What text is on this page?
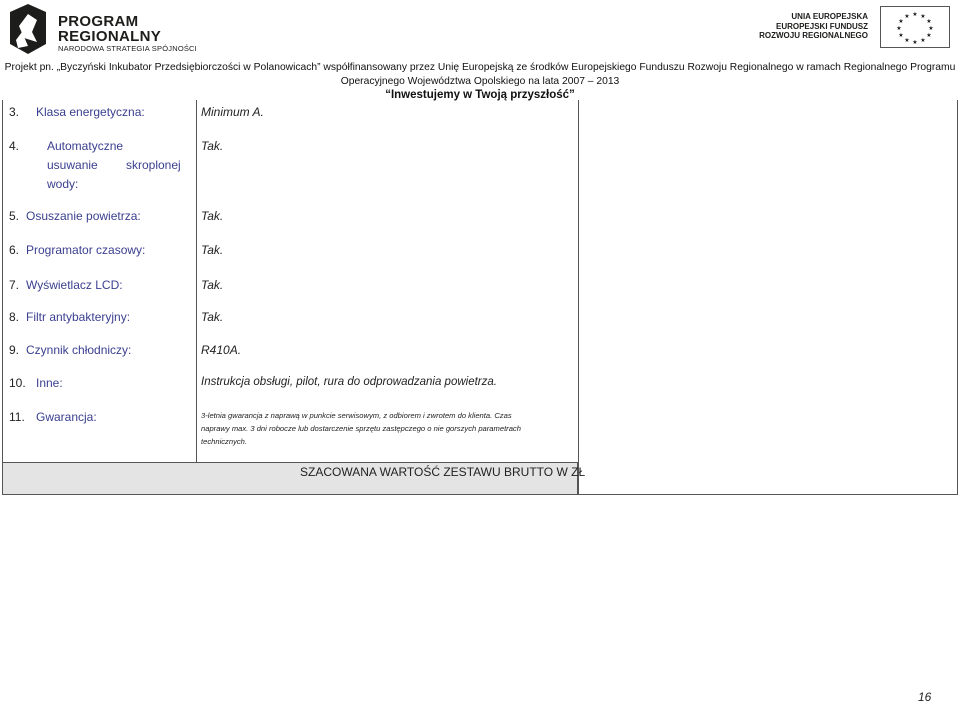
PROGRAM
REGIONALNY
NARODOWA STRATEGIA SPÓJNOŚCI
UNIA EUROPEJSKA
EUROPEJSKI FUNDUSZ
ROZWOJU REGIONALNEGO
★ ★
★
★
★
★
★
★
★
★
★
★
Projekt pn. „Byczyński Inkubator Przedsiębiorczości w Polanowicach” współfinansowany przez Unię Europejską ze środków Europejskiego Funduszu Rozwoju Regionalnego w ramach Regionalnego Programu
Operacyjnego Województwa Opolskiego na lata 2007 – 2013
“Inwestujemy w Twoją przyszłość”
3. Klasa energetyczna:	Minimum A.
4. Automatyczne
usuwanie skroplonej
wody:
Tak.
5. Osuszanie powietrza:	Tak.
6. Programator czasowy:	Tak.
7. Wyświetlacz LCD:	Tak.
8. Filtr antybakteryjny:	Tak.
9. Czynnik chłodniczy:	R410A.
10. Inne:	Instrukcja obsługi, pilot, rura do odprowadzania powietrza.
11. Gwarancja:	3-letnia gwarancja z naprawą w punkcie serwisowym, z odbiorem i zwrotem do klienta. Czas
naprawy max. 3 dni robocze lub dostarczenie sprzętu zastępczego o nie gorszych parametrach
technicznych.
SZACOWANA WARTOŚĆ ZESTAWU BRUTTO W ZŁ
16
